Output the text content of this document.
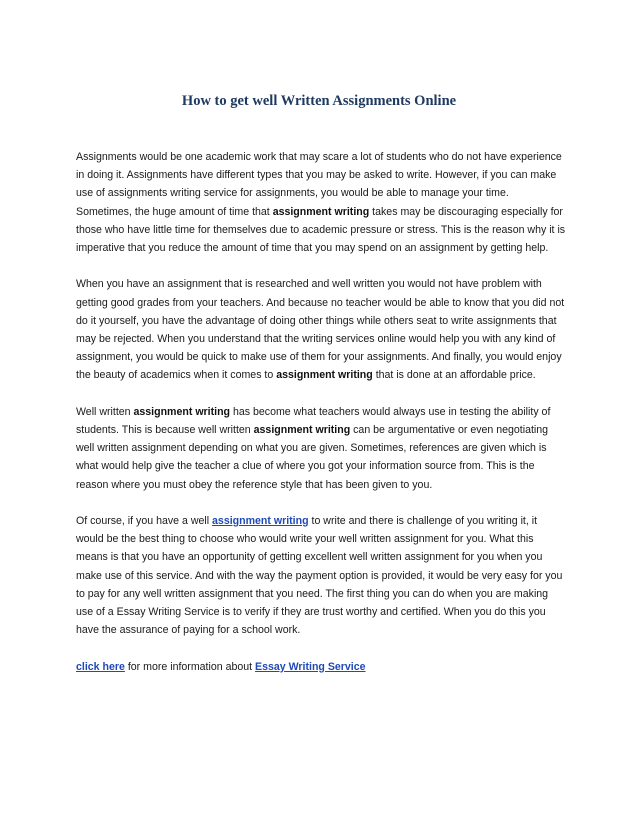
How to get well Written Assignments Online

Assignments would be one academic work that may scare a lot of students who do not have experience in doing it. Assignments have different types that you may be asked to write. However, if you can make use of assignments writing service for assignments, you would be able to manage your time. Sometimes, the huge amount of time that assignment writing takes may be discouraging especially for those who have little time for themselves due to academic pressure or stress. This is the reason why it is imperative that you reduce the amount of time that you may spend on an assignment by getting help.

When you have an assignment that is researched and well written you would not have problem with getting good grades from your teachers. And because no teacher would be able to know that you did not do it yourself, you have the advantage of doing other things while others seat to write assignments that may be rejected. When you understand that the writing services online would help you with any kind of assignment, you would be quick to make use of them for your assignments. And finally, you would enjoy the beauty of academics when it comes to assignment writing that is done at an affordable price.

Well written assignment writing has become what teachers would always use in testing the ability of students. This is because well written assignment writing can be argumentative or even negotiating well written assignment depending on what you are given. Sometimes, references are given which is what would help give the teacher a clue of where you got your information source from. This is the reason where you must obey the reference style that has been given to you.

Of course, if you have a well assignment writing to write and there is challenge of you writing it, it would be the best thing to choose who would write your well written assignment for you. What this means is that you have an opportunity of getting excellent well written assignment for you when you make use of this service. And with the way the payment option is provided, it would be very easy for you to pay for any well written assignment that you need. The first thing you can do when you are making use of a Essay Writing Service is to verify if they are trust worthy and certified. When you do this you have the assurance of paying for a school work.

click here for more information about Essay Writing Service
